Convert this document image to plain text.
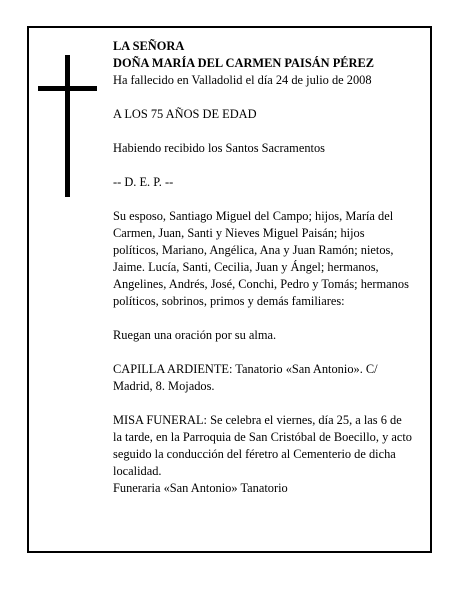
LA SEÑORA

DOÑA MARÍA DEL CARMEN PAISÁN PÉREZ

Ha fallecido en Valladolid el día 24 de julio de 2008

A LOS 75 AÑOS DE EDAD

Habiendo recibido los Santos Sacramentos

-- D. E. P. --

Su esposo, Santiago Miguel del Campo; hijos, María del Carmen, Juan, Santi y Nieves Miguel Paisán; hijos políticos, Mariano, Angélica, Ana y Juan Ramón; nietos, Jaime. Lucía, Santi, Cecilia, Juan y Ángel; hermanos, Angelines, Andrés, José, Conchi, Pedro y Tomás; hermanos políticos, sobrinos, primos y demás familiares:

Ruegan una oración por su alma.

CAPILLA ARDIENTE: Tanatorio «San Antonio». C/ Madrid, 8. Mojados.

MISA FUNERAL: Se celebra el viernes, día 25, a las 6 de la tarde, en la Parroquia de San Cristóbal de Boecillo, y acto seguido la conducción del féretro al Cementerio de dicha localidad.

Funeraria «San Antonio» Tanatorio
